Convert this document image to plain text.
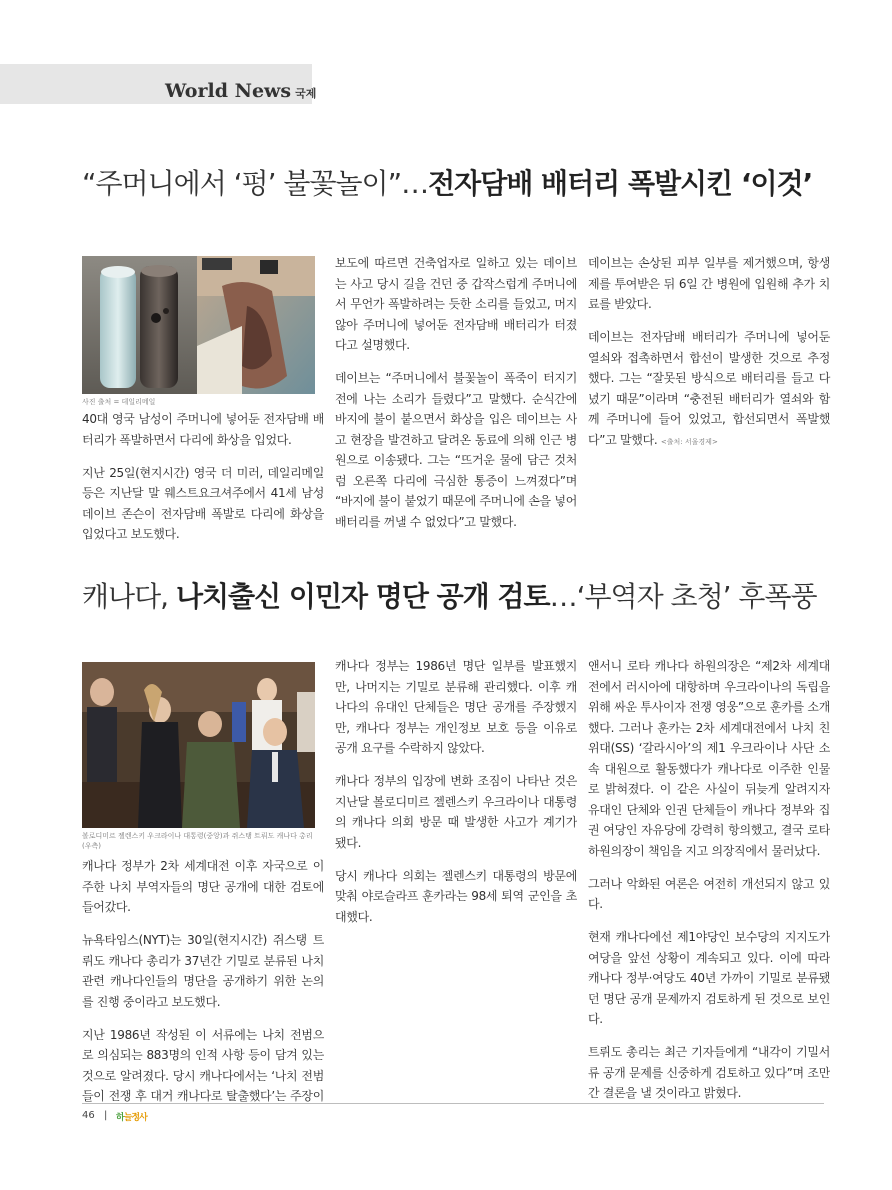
World News 국제
“주머니에서 ‘펑’ 불꽃놀이”…전자담배 배터리 폭발시킨 ‘이것’
사진 출처 = 데일리메일

40대 영국 남성이 주머니에 넣어둔 전자담배 배터리가 폭발하면서 다리에 화상을 입었다.

지난 25일(현지시간) 영국 더 미러, 데일리메일 등은 지난달 말 웨스트요크셔주에서 41세 남성 데이브 존슨이 전자담배 폭발로 다리에 화상을 입었다고 보도했다.

보도에 따르면 건축업자로 일하고 있는 데이브는 사고 당시 길을 건던 중 갑작스럽게 주머니에서 무언가 폭발하려는 듯한 소리를 들었고, 머지않아 주머니에 넣어둔 전자담배 배터리가 터졌다고 설명했다.

데이브는 “주머니에서 불꽃놀이 폭죽이 터지기 전에 나는 소리가 들렸다”고 말했다. 순식간에 바지에 불이 붙으면서 화상을 입은 데이브는 사고 현장을 발견하고 달려온 동료에 의해 인근 병원으로 이송됐다. 그는 “뜨거운 물에 담근 것처럼 오른쪽 다리에 극심한 통증이 느껴졌다”며 “바지에 불이 붙었기 때문에 주머니에 손을 넣어 배터리를 꺼낼 수 없었다”고 말했다.

데이브는 손상된 피부 일부를 제거했으며, 항생제를 투여받은 뒤 6일 간 병원에 입원해 추가 치료를 받았다.

데이브는 전자담배 배터리가 주머니에 넣어둔 열쇠와 접촉하면서 합선이 발생한 것으로 추정했다. 그는 “잘못된 방식으로 배터리를 들고 다녔기 때문”이라며 “충전된 배터리가 열쇠와 함께 주머니에 들어 있었고, 합선되면서 폭발했다”고 말했다. <출처: 서울경제>

캐나다, 나치출신 이민자 명단 공개 검토…‘부역자 초청’ 후폭풍
볼로디미르 젤렌스키 우크라이나 대통령(중앙)과 쥐스탱 트뤼도 캐나다 총리(우측)

캐나다 정부가 2차 세계대전 이후 자국으로 이주한 나치 부역자들의 명단 공개에 대한 검토에 들어갔다.

뉴욕타임스(NYT)는 30일(현지시간) 쥐스탱 트뤼도 캐나다 총리가 37년간 기밀로 분류된 나치 관련 캐나다인들의 명단을 공개하기 위한 논의를 진행 중이라고 보도했다.

지난 1986년 작성된 이 서류에는 나치 전범으로 의심되는 883명의 인적 사항 등이 담겨 있는 것으로 알려졌다. 당시 캐나다에서는 ‘나치 전범들이 전쟁 후 대거 캐나다로 탈출했다’는 주장이

캐나다 정부는 1986년 명단 일부를 발표했지만, 나머지는 기밀로 분류해 관리했다. 이후 캐나다의 유대인 단체들은 명단 공개를 주장했지만, 캐나다 정부는 개인정보 보호 등을 이유로 공개 요구를 수락하지 않았다.

캐나다 정부의 입장에 변화 조짐이 나타난 것은 지난달 볼로디미르 젤렌스키 우크라이나 대통령의 캐나다 의회 방문 때 발생한 사고가 계기가 됐다.

당시 캐나다 의회는 젤렌스키 대통령의 방문에 맞춰 야로슬라프 훈카라는 98세 퇴역 군인을 초대했다.

앤서니 로타 캐나다 하원의장은 “제2차 세계대전에서 러시아에 대항하며 우크라이나의 독립을 위해 싸운 투사이자 전쟁 영웅”으로 훈카를 소개했다. 그러나 훈카는 2차 세계대전에서 나치 친위대(SS) ‘갈라시아’의 제1 우크라이나 사단 소속 대원으로 활동했다가 캐나다로 이주한 인물로 밝혀졌다. 이 같은 사실이 뒤늦게 알려지자 유대인 단체와 인권 단체들이 캐나다 정부와 집권 여당인 자유당에 강력히 항의했고, 결국 로타 하원의장이 책임을 지고 의장직에서 물러났다.

그러나 악화된 여론은 여전히 개선되지 않고 있다.

현재 캐나다에선 제1야당인 보수당의 지지도가 여당을 앞선 상황이 계속되고 있다. 이에 따라 캐나다 정부·여당도 40년 가까이 기밀로 분류됐던 명단 공개 문제까지 검토하게 된 것으로 보인다.

트뤼도 총리는 최근 기자들에게 “내각이 기밀서류 공개 문제를 신중하게 검토하고 있다”며 조만간 결론을 낼 것이라고 밝혔다.

46 | 하늘정사
